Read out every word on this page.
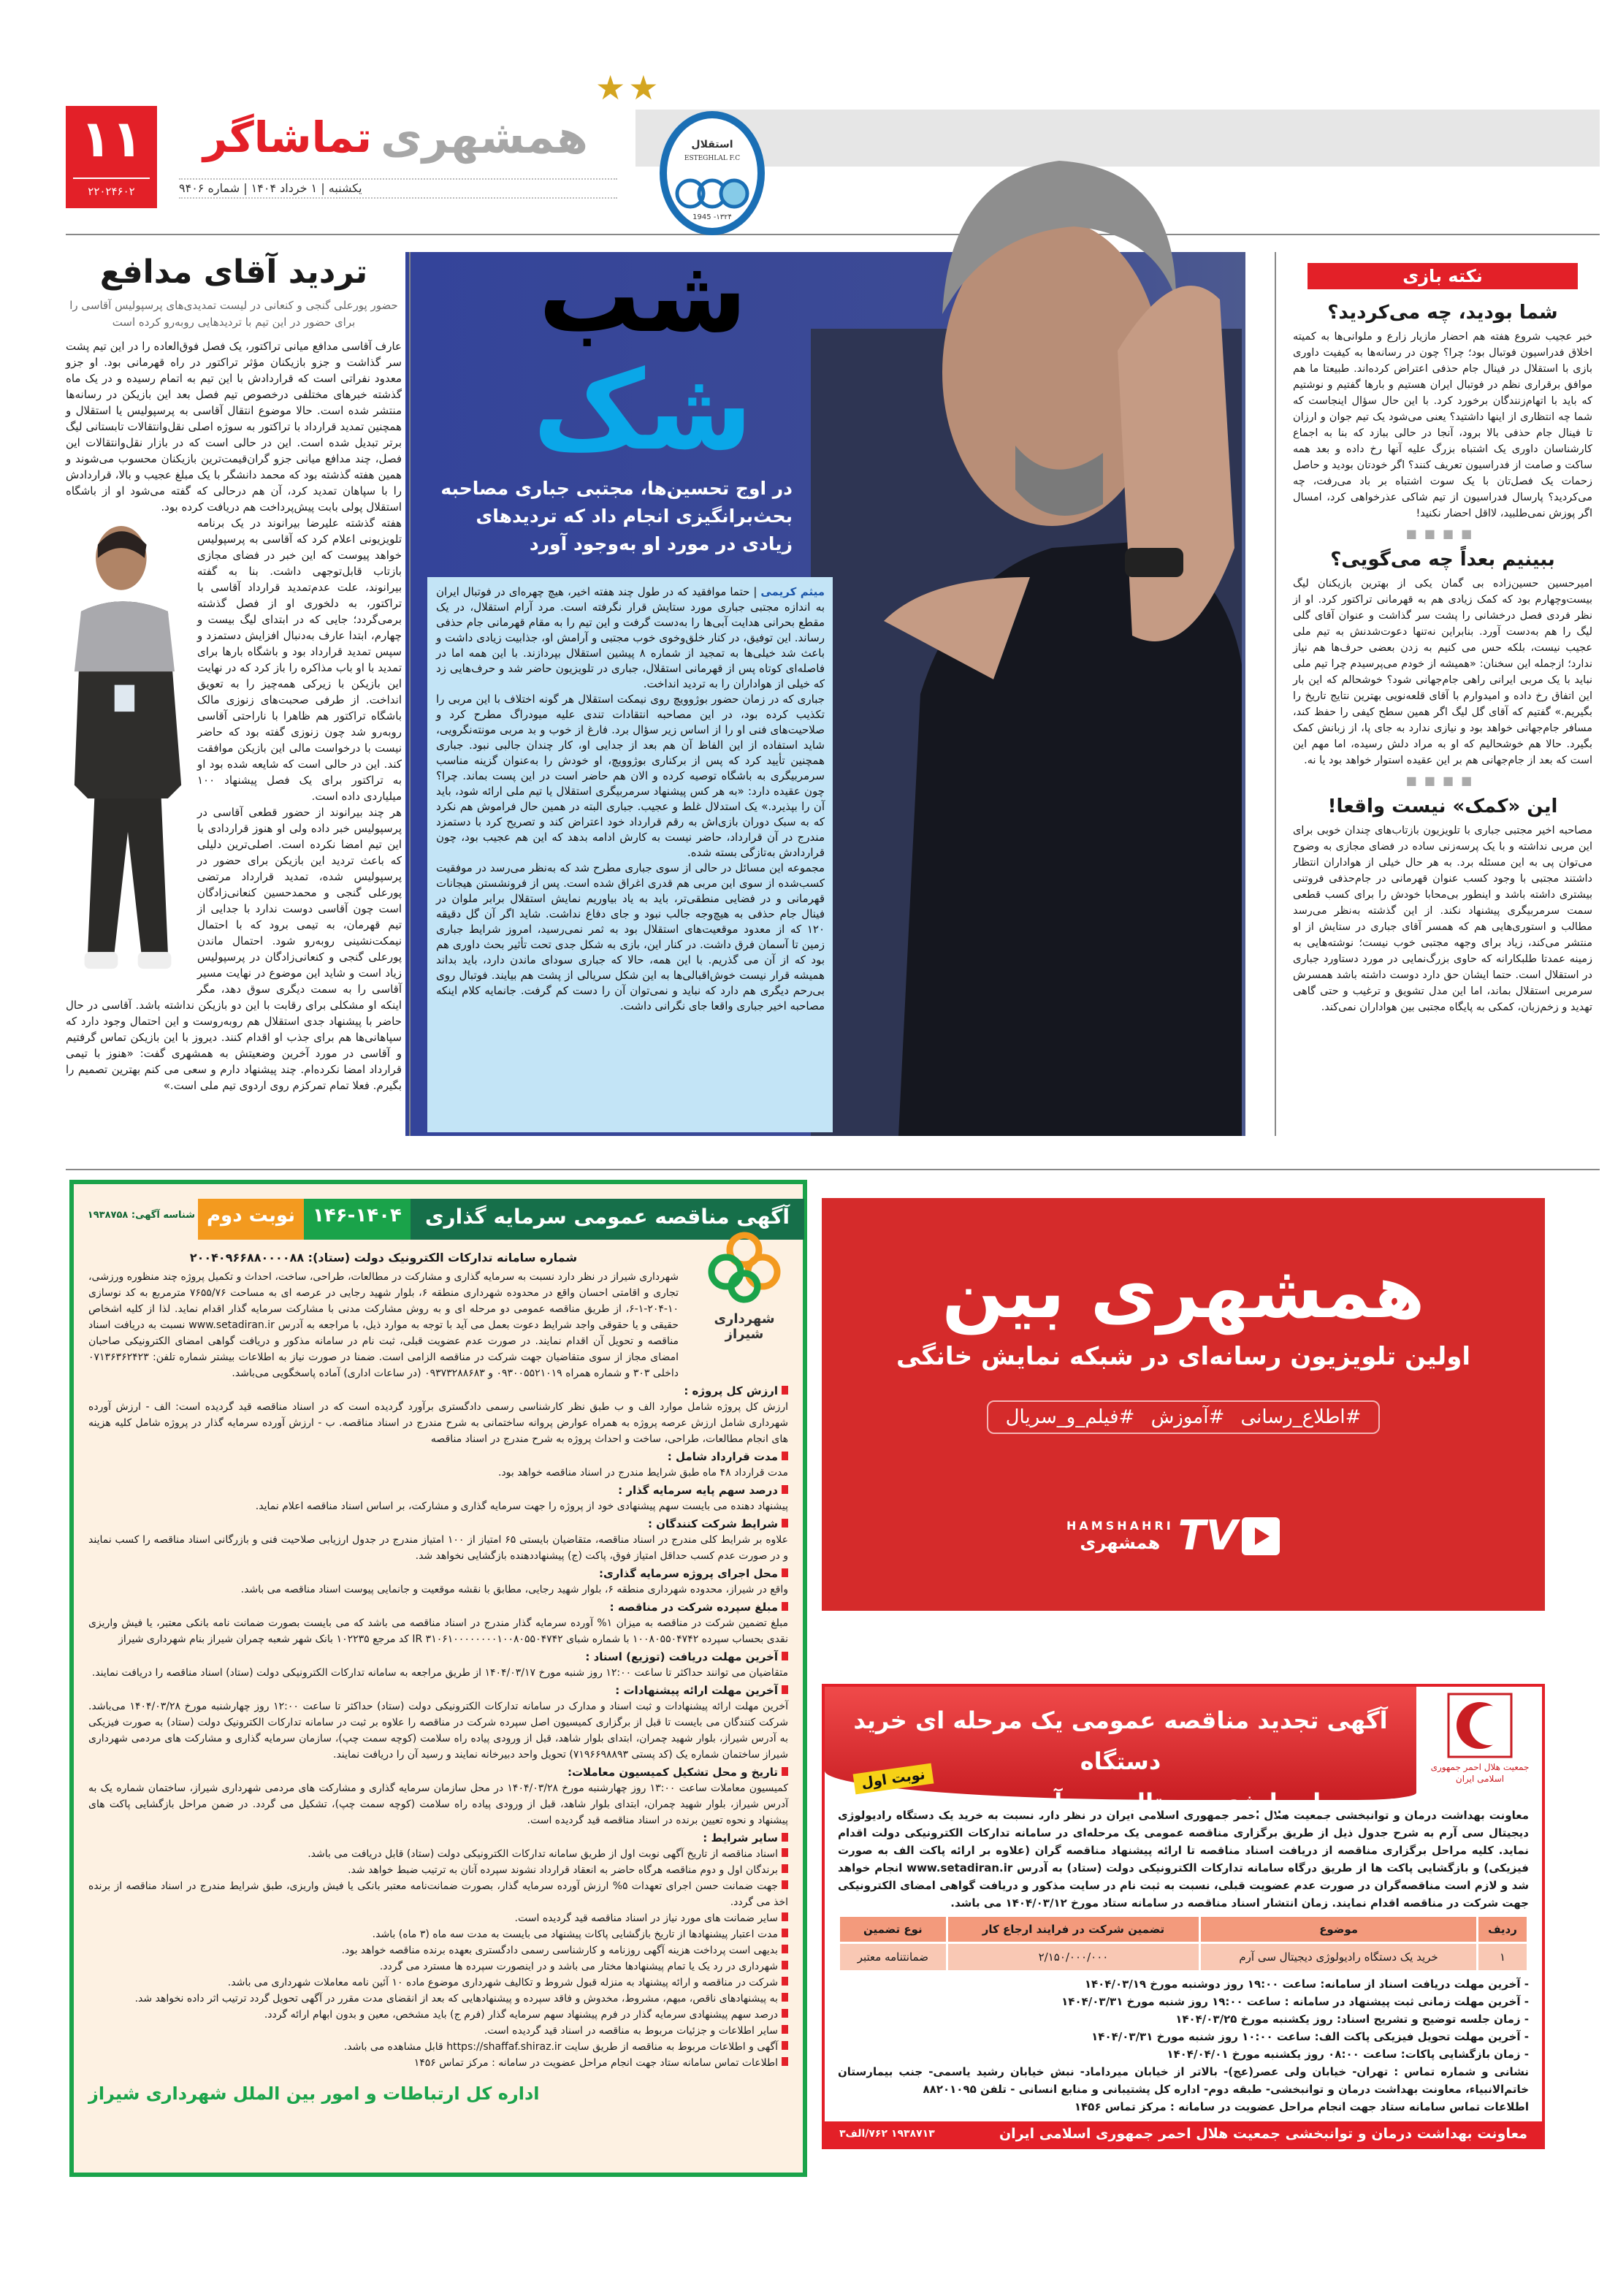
۱۱
۲۲۰۲۴۶۰۲
تماشاگر همشهری
★★
یکشنبه | ۱ خرداد ۱۴۰۴ | شماره ۹۴۰۶
شب
شک
استقلال
ESTEGHLAL F.C
1945 -۱۳۲۴
در اوج تحسین‌ها، مجتبی جباری مصاحبه بحث‌برانگیزی انجام داد که تردیدهای زیادی در مورد او به‌وجود آورد

میثم کریمی | حتما موافقید که در طول چند هفته اخیر، هیچ چهره‌ای در فوتبال ایران به اندازه مجتبی جباری مورد ستایش قرار نگرفته است. مرد آرام استقلال، در یک مقطع بحرانی هدایت آبی‌ها را به‌دست گرفت و این تیم را به مقام قهرمانی جام حذفی رساند. این توفیق، در کنار خلق‌وخوی خوب مجتبی و آرامش او، جذابیت زیادی داشت و باعث شد خیلی‌ها به تمجید از شماره ۸ پیشین استقلال بپردازند. با این همه اما در فاصله‌ای کوتاه پس از قهرمانی استقلال، جباری در تلویزیون حاضر شد و حرف‌هایی زد که خیلی از هواداران را به تردید انداخت.

جباری که در زمان حضور بوژوویچ روی نیمکت استقلال هر گونه اختلاف با این مربی را تکذیب کرده بود، در این مصاحبه انتقادات تندی علیه میودراگ مطرح کرد و صلاحیت‌های فنی او را از اساس زیر سؤال برد. فارغ از خوب و بد مربی مونته‌نگرویی، شاید استفاده از این الفاظ آن هم بعد از جدایی او، کار چندان جالبی نبود. جباری همچنین تأیید کرد که پس از برکناری بوژوویچ، او خودش را به‌عنوان گزینه مناسب سرمربیگری به باشگاه توصیه کرده و الان هم حاضر است در این پست بماند. چرا؟ چون عقیده دارد: «به هر کس پیشنهاد سرمربیگری استقلال یا تیم ملی ارائه شود، باید آن را بپذیرد.» یک استدلال غلط و عجیب. جباری البته در همین حال فراموش هم نکرد که به سبک دوران بازی‌اش به رقم قرارداد خود اعتراض کند و تصریح کرد با دستمزد مندرج در آن قرارداد، حاضر نیست به کارش ادامه بدهد که این هم عجیب بود، چون قراردادش به‌تازگی بسته شده.

مجموعه این مسائل در حالی از سوی جباری مطرح شد که به‌نظر می‌رسد در موفقیت کسب‌شده از سوی این مربی هم قدری اغراق شده است. پس از فرونشستن هیجانات قهرمانی و در فضایی منطقی‌تر، باید به یاد بیاوریم نمایش استقلال برابر ملوان در فینال جام حذفی به هیچ‌وجه جالب نبود و جای دفاع نداشت. شاید اگر آن گل دقیقه ۱۲۰ که از معدود موقعیت‌های استقلال بود به ثمر نمی‌رسید، امروز شرایط جباری زمین تا آسمان فرق داشت. در کنار این، بازی به شکل جدی تحت تأثیر بحث داوری هم بود که از آن می گذریم. با این همه، حالا که جباری سودای ماندن دارد، باید بداند همیشه قرار نیست خوش‌اقبالی‌ها به این شکل سریالی از پشت هم بیایند. فوتبال روی بی‌رحم دیگری هم دارد که نباید و نمی‌توان آن را دست کم گرفت. جانمایه کلام اینکه مصاحبه اخیر جباری واقعا جای نگرانی داشت.

تردید آقای مدافع
حضور پورعلی گنجی و کنعانی در لیست تمدیدی‌های پرسپولیس آقاسی را برای حضور در این تیم با تردیدهایی روبه‌رو کرده است

عارف آقاسی مدافع میانی تراکتور، یک فصل فوق‌العاده را در این تیم پشت سر گذاشت و جزو بازیکنان مؤثر تراکتور در راه قهرمانی بود. او جزو معدود نفراتی است که قراردادش با این تیم به اتمام رسیده و در یک ماه گذشته خبرهای مختلفی درخصوص تیم فصل بعد این بازیکن در رسانه‌ها منتشر شده است. حالا موضوع انتقال آقاسی به پرسپولیس یا استقلال و همچنین تمدید قرارداد با تراکتور به سوژه اصلی نقل‌وانتقالات تابستانی لیگ برتر تبدیل شده است. این در حالی است که در بازار نقل‌وانتقالات این فصل، چند مدافع میانی جزو گران‌قیمت‌ترین بازیکنان محسوب می‌شوند و همین هفته گذشته بود که محمد دانشگر با یک مبلغ عجیب و بالا، قراردادش را با سپاهان تمدید کرد، آن هم درحالی که گفته می‌شود او از باشگاه استقلال پولی بابت پیش‌پرداخت هم دریافت کرده بود.

هفته گذشته علیرضا بیرانوند در یک برنامه تلویزیونی اعلام کرد که آقاسی به پرسپولیس خواهد پیوست که این خبر در فضای مجازی بازتاب قابل‌توجهی داشت. بنا به گفته بیرانوند، علت عدم‌تمدید قرارداد آقاسی با تراکتور، به دلخوری او از فصل گذشته برمی‌گردد؛ جایی که در ابتدای لیگ بیست و چهارم، ابتدا عارف به‌دنبال افزایش دستمزد و سپس تمدید قرارداد بود و باشگاه بارها برای تمدید با او باب مذاکره را باز کرد که در نهایت این بازیکن با زیرکی همه‌چیز را به تعویق انداخت. از طرفی صحبت‌های زنوزی مالک باشگاه تراکتور هم ظاهرا با ناراحتی آقاسی روبه‌رو شد چون زنوزی گفته بود که حاضر نیست با درخواست مالی این بازیکن موافقت کند. این در حالی است که شایعه شده بود او به تراکتور برای یک فصل پیشنهاد ۱۰۰ میلیاردی داده است.

هر چند بیرانوند از حضور قطعی آقاسی در پرسپولیس خبر داده ولی او هنوز قراردادی با این تیم امضا نکرده است. اصلی‌ترین دلیلی که باعث تردید این بازیکن برای حضور در پرسپولیس شده، تمدید قرارداد مرتضی پورعلی گنجی و محمدحسین کنعانی‌زادگان است چون آقاسی دوست ندارد با جدایی از تیم قهرمان، به تیمی برود که با احتمال نیمکت‌نشینی روبه‌رو شود. احتمال ماندن پورعلی گنجی و کنعانی‌زادگان در پرسپولیس زیاد است و شاید این موضوع در نهایت مسیر آقاسی را به سمت دیگری سوق دهد، مگر اینکه او مشکلی برای رقابت با این دو بازیکن نداشته باشد. آقاسی در حال حاضر با پیشنهاد جدی استقلال هم روبه‌روست و این احتمال وجود دارد که سپاهانی‌ها هم برای جذب او اقدام کنند. دیروز با این بازیکن تماس گرفتیم و آقاسی در مورد آخرین وضعیتش به همشهری گفت: «هنوز با تیمی قرارداد امضا نکرده‌ام. چند پیشنهاد دارم و سعی می کنم بهترین تصمیم را بگیرم. فعلا تمام تمرکزم روی اردوی تیم ملی است.»

نکته بازی
شما بودید، چه می‌کردید؟

خبر عجیب شروع هفته هم احضار مازیار زارع و ملوانی‌ها به کمیته اخلاق فدراسیون فوتبال بود؛ چرا؟ چون در رسانه‌ها به کیفیت داوری بازی با استقلال در فینال جام حذفی اعتراض کرده‌اند. طبیعتا ما هم موافق برقراری نظم در فوتبال ایران هستیم و بارها گفتیم و نوشتیم که باید با اتهام‌زنندگان برخورد کرد. با این حال سؤال اینجاست که شما چه انتظاری از اینها داشتید؟ یعنی می‌شود یک تیم جوان و ارزان تا فینال جام حذفی بالا برود، آنجا در حالی ببازد که بنا به اجماع کارشناسان داوری یک اشتباه بزرگ علیه آنها رخ داده و بعد همه ساکت و صامت از فدراسیون تعریف کنند؟ اگر خودتان بودید و حاصل زحمات یک فصل‌تان با یک سوت اشتباه بر باد می‌رفت، چه می‌کردید؟ پارسال فدراسیون از تیم شاکی عذرخواهی کرد، امسال اگر پوزش نمی‌طلبید، لااقل احضار نکنید!

■■■■
ببینیم بعداً چه می‌گویی؟

امیرحسین حسین‌زاده بی گمان یکی از بهترین بازیکنان لیگ بیست‌وچهارم بود که کمک زیادی هم به قهرمانی تراکتور کرد. او از نظر فردی فصل درخشانی را پشت سر گذاشت و عنوان آقای گلی لیگ را هم به‌دست آورد. بنابراین نه‌تنها دعوت‌شدنش به تیم ملی عجیب نیست، بلکه حس می کنیم به زدن بعضی حرف‌ها هم نیاز ندارد؛ ازجمله این سخنان: «همیشه از خودم می‌پرسیدم چرا تیم ملی نباید با یک مربی ایرانی راهی جام‌جهانی شود؟ خوشحالم که این بار این اتفاق رخ داده و امیدوارم با آقای قلعه‌نویی بهترین نتایج تاریخ را بگیریم.» گفتیم که آقای گل لیگ اگر همین سطح کیفی را حفظ کند، مسافر جام‌جهانی خواهد بود و نیازی ندارد به جای پا، از زبانش کمک بگیرد. حالا هم خوشحالیم که او به مراد دلش رسیده، اما مهم این است که بعد از جام‌جهانی هم بر این عقیده استوار خواهد بود یا نه.

■■■■
این «کمک» نیست واقعا!

مصاحبه اخیر مجتبی جباری با تلویزیون بازتاب‌های چندان خوبی برای این مربی نداشته و با یک پرسه‌زنی ساده در فضای مجازی به وضوح می‌توان پی به این مسئله برد. به هر حال خیلی از هواداران انتظار داشتند مجتبی با وجود کسب عنوان قهرمانی در جام‌حذفی فروتنی بیشتری داشته باشد و اینطور بی‌محابا خودش را برای کسب قطعی سمت سرمربیگری پیشنهاد نکند. از این گذشته به‌نظر می‌رسد مطالب و استوری‌هایی هم که همسر آقای جباری در ستایش از او منتشر می‌کند، زیاد برای وجهه مجتبی خوب نیست؛ نوشته‌هایی به زمینه عمدتا طلبکارانه که حاوی بزرگ‌نمایی در مورد دستاورد جباری در استقلال است. حتما ایشان حق دارد دوست داشته باشد همسرش سرمربی استقلال بماند، اما این مدل تشویق و ترغیب و حتی گاهی تهدید و زخم‌زبان، کمکی به پایگاه مجتبی بین هواداران نمی‌کند.

آگهی مناقصه عمومی سرمایه گذاری
۱۴۶-۱۴۰۴
نوبت دوم
شناسه آگهی: ۱۹۳۸۷۵۸
شهرداری شیراز
شماره سامانه تدارکات الکترونیک دولت (ستاد): ۲۰۰۴۰۹۶۶۸۸۰۰۰۰۸۸
شهرداری شیراز در نظر دارد نسبت به سرمایه گذاری و مشارکت در مطالعات، طراحی، ساخت، احداث و تکمیل پروژه چند منظوره ورزشی، تجاری و اقامتی احسان واقع در محدوده شهرداری منطقه ۶، بلوار شهید رجایی در عرصه ای به مساحت ۷۶۵۵/۷۶ مترمربع به کد نوسازی ۱۰-۲۰۴-۱-۶، از طریق مناقصه عمومی دو مرحله ای و به روش مشارکت مدنی با مشارکت سرمایه گذار اقدام نماید. لذا از کلیه اشخاص حقیقی و یا حقوقی واجد شرایط دعوت بعمل می آید با توجه به موارد ذیل، با مراجعه به آدرس www.setadiran.ir نسبت به دریافت اسناد مناقصه و تحویل آن اقدام نمایند. در صورت عدم عضویت قبلی، ثبت نام در سامانه مذکور و دریافت گواهی امضای الکترونیکی صاحبان امضای مجاز از سوی متقاضیان جهت شرکت در مناقصه الزامی است. ضمنا در صورت نیاز به اطلاعات بیشتر شماره تلفن: ۰۷۱۳۶۳۶۲۴۲۳ داخلی ۳۰۳ و شماره همراه ۰۹۳۰۰۵۵۲۱۰۱۹ و ۰۹۳۷۳۲۸۸۶۸۳ (در ساعات اداری) آماده پاسخگویی می‌باشد.
ارزش کل پروژه :
ارزش کل پروژه شامل موارد الف و ب طبق نظر کارشناسی رسمی دادگستری برآورد گردیده است که در اسناد مناقصه قید گردیده است: الف - ارزش آورده شهرداری شامل ارزش عرصه پروژه به همراه عوارض پروانه ساختمانی به شرح مندرج در اسناد مناقصه. ب - ارزش آورده سرمایه گذار در پروژه شامل کلیه هزینه های انجام مطالعات، طراحی، ساخت و احداث پروژه به شرح مندرج در اسناد مناقصه
مدت قرارداد شامل :
مدت قرارداد ۴۸ ماه طبق شرایط مندرج در اسناد مناقصه خواهد بود.
درصد سهم پایه سرمایه گذار :
پیشنهاد دهنده می بایست سهم پیشنهادی خود از پروژه را جهت سرمایه گذاری و مشارکت، بر اساس اسناد مناقصه اعلام نماید.
شرایط شرکت کنندگان :
علاوه بر شرایط کلی مندرج در اسناد مناقصه، متقاضیان بایستی ۶۵ امتیاز از ۱۰۰ امتیاز مندرج در جدول ارزیابی صلاحیت فنی و بازرگانی اسناد مناقصه را کسب نمایند و در صورت عدم کسب حداقل امتیاز فوق، پاکت (ج) پیشنهاددهنده بازگشایی نخواهد شد.
محل اجرای پروژه سرمایه گذاری:
واقع در شیراز، محدوده شهرداری منطقه ۶، بلوار شهید رجایی، مطابق با نقشه موقعیت و جانمایی پیوست اسناد مناقصه می باشد.
مبلغ سپرده شرکت در مناقصه :
مبلغ تضمین شرکت در مناقصه به میزان ۱% آورده سرمایه گذار مندرج در اسناد مناقصه می باشد که می بایست بصورت ضمانت نامه بانکی معتبر، یا فیش واریزی نقدی بحساب سپرده ۱۰۰۸۰۵۵۰۴۷۴۲ با شماره شبای IR ۳۱۰۶۱۰۰۰۰۰۰۰۰۱۰۰۸۰۵۵۰۴۷۴۲ کد مرجع ۱۰۲۲۳۵ بانک شهر شعبه چمران شیراز بنام شهرداری شیراز
آخرین مهلت دریافت (توزیع) اسناد :
متقاضیان می توانند حداکثر تا ساعت ۱۲:۰۰ روز شنبه مورخ ۱۴۰۴/۰۳/۱۷ از طریق مراجعه به سامانه تدارکات الکترونیکی دولت (ستاد) اسناد مناقصه را دریافت نمایند.
آخرین مهلت ارائه پیشنهادات :
آخرین مهلت ارائه پیشنهادات و ثبت اسناد و مدارک در سامانه تدارکات الکترونیکی دولت (ستاد) حداکثر تا ساعت ۱۲:۰۰ روز چهارشنبه مورخ ۱۴۰۴/۰۳/۲۸ می‌باشد. شرکت کنندگان می بایست تا قبل از برگزاری کمیسیون اصل سپرده شرکت در مناقصه را علاوه بر ثبت در سامانه تدارکات الکترونیک دولت (ستاد) به صورت فیزیکی به آدرس شیراز، بلوار شهید چمران، ابتدای بلوار شاهد، قبل از ورودی پیاده راه سلامت (کوچه سمت چپ)، سازمان سرمایه گذاری و مشارکت های مردمی شهرداری شیراز ساختمان شماره یک (کد پستی ۷۱۹۶۶۹۸۸۹۳) تحویل واحد دبیرخانه نمایند و رسید آن را دریافت نمایند.
تاریخ و محل تشکیل کمیسیون معاملات:
کمیسیون معاملات ساعت ۱۳:۰۰ روز چهارشنبه مورخ ۱۴۰۴/۰۳/۲۸ در محل سازمان سرمایه گذاری و مشارکت های مردمی شهرداری شیراز، ساختمان شماره یک به آدرس شیراز، بلوار شهید چمران، ابتدای بلوار شاهد، قبل از ورودی پیاده راه سلامت (کوچه سمت چپ)، تشکیل می گردد. در ضمن مراحل بازگشایی پاکت های پیشنهاد و نحوه تعیین برنده در اسناد مناقصه قید گردیده است.
سایر شرایط :
اسناد مناقصه از تاریخ آگهی نوبت اول از طریق سامانه تدارکات الکترونیکی دولت (ستاد) قابل دریافت می باشد.
برندگان اول و دوم مناقصه هرگاه حاضر به انعقاد قرارداد نشوند سپرده آنان به ترتیب ضبط خواهد شد.
جهت ضمانت حسن اجرای تعهدات ۵% ارزش آورده سرمایه گذار، بصورت ضمانت‌نامه معتبر بانکی یا فیش واریزی، طبق شرایط مندرج در اسناد مناقصه از برنده اخذ می گردد.
سایر ضمانت های مورد نیاز در اسناد مناقصه قید گردیده است.
مدت اعتبار پیشنهادها از تاریخ بازگشایی پاکات پیشنهاد می بایست به مدت سه ماه (۳ ماه) باشد.
بدیهی است پرداخت هزینه آگهی روزنامه و کارشناسی رسمی دادگستری بعهده برنده مناقصه خواهد بود.
شهرداری در رد یک یا تمام پیشنهادها مختار می باشد و در اینصورت سپرده ها مسترد می گردد.
شرکت در مناقصه و ارائه پیشنهاد به منزله قبول شروط و تکالیف شهرداری موضوع ماده ۱۰ آئین نامه معاملات شهرداری می باشد.
به پیشنهادهای ناقص، مبهم، مشروط، مخدوش و فاقد سپرده و پیشنهادهایی که بعد از انقضای مدت مقرر در آگهی تحویل گردد ترتیب اثر داده نخواهد شد.
درصد سهم پیشنهادی سرمایه گذار در فرم پیشنهاد سهم سرمایه گذار (فرم ج) باید مشخص، معین و بدون ابهام ارائه گردد.
سایر اطلاعات و جزئیات مربوط به مناقصه در اسناد قید گردیده است.
آگهی و اطلاعات مربوط به مناقصه از طریق سایت https://shaffaf.shiraz.ir قابل مشاهده می باشد.
اطلاعات تماس سامانه ستاد جهت انجام مراحل عضویت در سامانه : مرکز تماس ۱۴۵۶
اداره کل ارتباطات و امور بین الملل شهرداری شیراز
همشهری بین
اولین تلویزیون رسانه‌ای در شبکه نمایش خانگی
#اطلاع_رسانی #آموزش #فیلم_و_سریال
HAMSHAHRI
همشهری TV
آگهی تجدید مناقصه عمومی یک مرحله ای خرید دستگاه
رادیولوژی دیجیتال سی آرم
نوبت اول	جمعیت هلال احمر جمهوری اسلامی ایران
معاونت بهداشت درمان و توانبخشی جمعیت هلال احمر جمهوری اسلامی ایران در نظر دارد نسبت به خرید یک دستگاه رادیولوژی دیجیتال سی آرم به شرح جدول ذیل از طریق برگزاری مناقصه عمومی یک مرحله‌ای در سامانه تدارکات الکترونیکی دولت اقدام نماید. کلیه مراحل برگزاری مناقصه از دریافت اسناد مناقصه تا ارائه پیشنهاد مناقصه گران (علاوه بر ارائه پاکت الف به صورت فیزیکی) و بازگشایی پاکت ها از طریق درگاه سامانه تدارکات الکترونیکی دولت (ستاد) به آدرس www.setadiran.ir انجام خواهد شد و لازم است مناقصه‌گران در صورت عدم عضویت قبلی، نسبت به ثبت نام در سایت مذکور و دریافت گواهی امضای الکترونیکی جهت شرکت در مناقصه اقدام نمایند. زمان انتشار اسناد مناقصه در سامانه ستاد مورخ ۱۴۰۴/۰۳/۱۲ می باشد.
ردیف	موضوع	تضمین شرکت در فرایند ارجاع کار	نوع تضمین
۱	خرید یک دستگاه رادیولوژی دیجیتال سی آرم	۲/۱۵۰/۰۰۰/۰۰۰	ضمانتنامه معتبر
- آخرین مهلت دریافت اسناد از سامانه: ساعت ۱۹:۰۰ روز دوشنبه مورخ ۱۴۰۴/۰۳/۱۹
- آخرین مهلت زمانی ثبت پیشنهاد در سامانه : ساعت ۱۹:۰۰ روز شنبه مورخ ۱۴۰۴/۰۳/۳۱
- زمان جلسه توضیح و تشریح اسناد: روز یکشنبه مورخ ۱۴۰۴/۰۳/۲۵
- آخرین مهلت تحویل فیزیکی پاکت الف: ساعت ۱۰:۰۰ روز شنبه مورخ ۱۴۰۴/۰۳/۳۱
- زمان بازگشایی پاکات: ساعت ۰۸:۰۰ روز یکشنبه مورخ ۱۴۰۴/۰۴/۰۱
نشانی و شماره تماس : تهران- خیابان ولی عصر(عج)- بالاتر از خیابان میرداماد- نبش خیابان رشید یاسمی- جنب بیمارستان خاتم‌الانبیاء، معاونت بهداشت درمان و توانبخشی- طبقه دوم- اداره کل پشتیبانی و منابع انسانی - تلفن ۸۸۲۰۱۰۹۵
اطلاعات تماس سامانه ستاد جهت انجام مراحل عضویت در سامانه : مرکز تماس ۱۴۵۶
معاونت بهداشت درمان و توانبخشی جمعیت هلال احمر جمهوری اسلامی ایران
۱۹۳۸۷۱۳ ۷۶۲/الف۳
